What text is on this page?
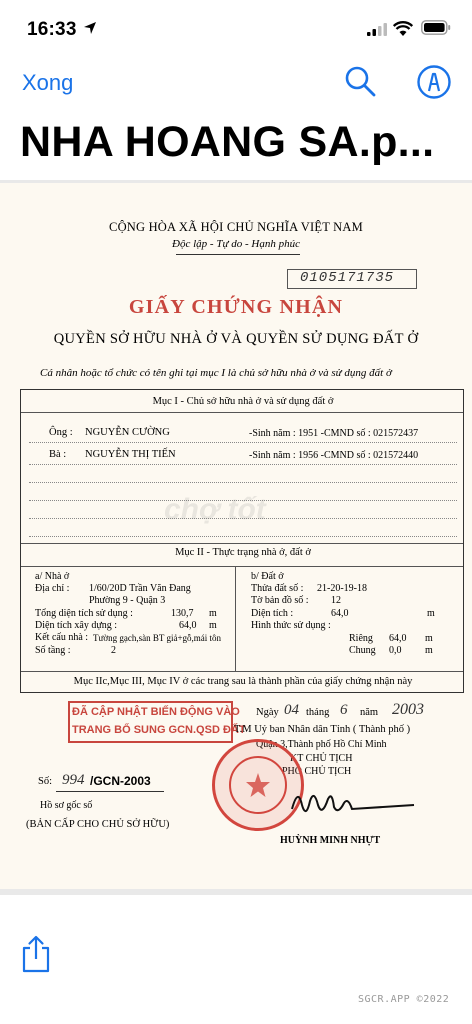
16:33
Xong
NHA HOANG SA.p...
CỘNG HÒA XÃ HỘI CHỦ NGHĨA VIỆT NAM
Độc lập - Tự do - Hạnh phúc
0105171735
GIẤY CHỨNG NHẬN
QUYỀN SỞ HỮU NHÀ Ở VÀ QUYỀN SỬ DỤNG ĐẤT Ở
Cá nhân hoặc tổ chức có tên ghi tại mục I là chủ sở hữu nhà ở và sử dụng đất ở
Mục I - Chủ sở hữu nhà ở và sử dụng đất ở
Ông : NGUYỄN CƯỜNG	-Sinh năm : 1951 -CMND số : 021572437
Bà : NGUYỄN THỊ TIẾN	-Sinh năm : 1956 -CMND số : 021572440
Mục II - Thực trạng nhà ở, đất ở
a/ Nhà ở
Địa chỉ : 1/60/20D Trần Văn Đang
Phường 9 - Quận 3
Tổng diện tích sử dụng :	130,7 m
Diện tích xây dựng :	64,0 m
Kết cấu nhà : Tường gạch,sàn BT giả+gỗ,mái tôn
Số tầng :	2
b/ Đất ở
Thửa đất số : 21-20-19-18
Tờ bản đồ số : 12
Diện tích :	64,0	m
Hình thức sử dụng :
Riêng 64,0 m
Chung 0,0 m
Mục IIc,Mục III, Mục IV ở các trang sau là thành phần của giấy chứng nhận này
chợ tốt
ĐÃ CẬP NHẬT BIẾN ĐỘNG VÀO
TRANG BỔ SUNG GCN.QSD ĐẤT
Ngày 04 tháng 6 năm 2003
T.M Uỷ ban Nhân dân Tỉnh ( Thành phố )
Quận 3,Thành phố Hồ Chí Minh
KT CHỦ TỊCH
PHÓ CHỦ TỊCH
Số: 994 /GCN-2003
Hồ sơ gốc số
(BẢN CẤP CHO CHỦ SỞ HỮU)
HUỲNH MINH NHỰT
SGCR.APP ©2022
